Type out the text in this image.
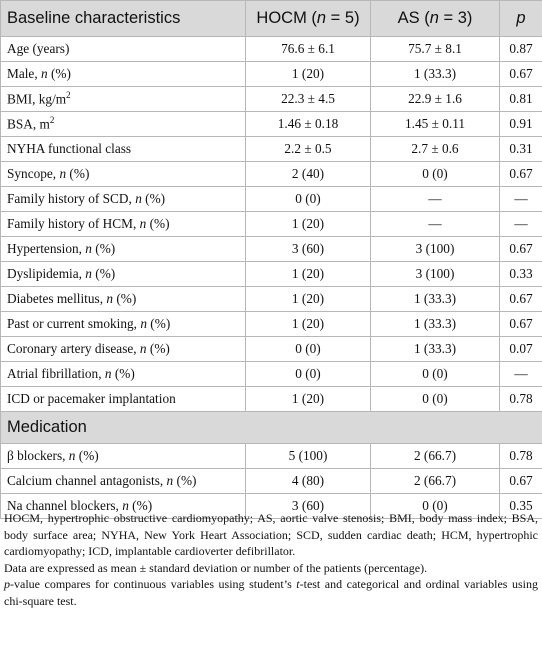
Baseline characteristics	HOCM (n = 5)	AS (n = 3)	p
Age (years)	76.6 ± 6.1	75.7 ± 8.1	0.87
Male, n (%)	1 (20)	1 (33.3)	0.67
BMI, $kg/m^2$	22.3 ± 4.5	22.9 ± 1.6	0.81
BSA, $m^2$	1.46 ± 0.18	1.45 ± 0.11	0.91
NYHA functional class	2.2 ± 0.5	2.7 ± 0.6	0.31
Syncope, n (%)	2 (40)	0 (0)	0.67
Family history of SCD, n (%)	0 (0)	—	—
Family history of HCM, n (%)	1 (20)	—	—
Hypertension, n (%)	3 (60)	3 (100)	0.67
Dyslipidemia, n (%)	1 (20)	3 (100)	0.33
Diabetes mellitus, n (%)	1 (20)	1 (33.3)	0.67
Past or current smoking, n (%)	1 (20)	1 (33.3)	0.67
Coronary artery disease, n (%)	0 (0)	1 (33.3)	0.07
Atrial fibrillation, n (%)	0 (0)	0 (0)	—
ICD or pacemaker implantation	1 (20)	0 (0)	0.78
Medication			
β blockers, n (%)	5 (100)	2 (66.7)	0.78
Calcium channel antagonists, n (%)	4 (80)	2 (66.7)	0.67
Na channel blockers, n (%)	3 (60)	0 (0)	0.35

HOCM, hypertrophic obstructive cardiomyopathy; AS, aortic valve stenosis; BMI, body mass index; BSA, body surface area; NYHA, New York Heart Association; SCD, sudden cardiac death; HCM, hypertrophic cardiomyopathy; ICD, implantable cardioverter defibrillator.

Data are expressed as mean ± standard deviation or number of the patients (percentage).

p-value compares for continuous variables using student’s t-test and categorical and ordinal variables using chi-square test.
